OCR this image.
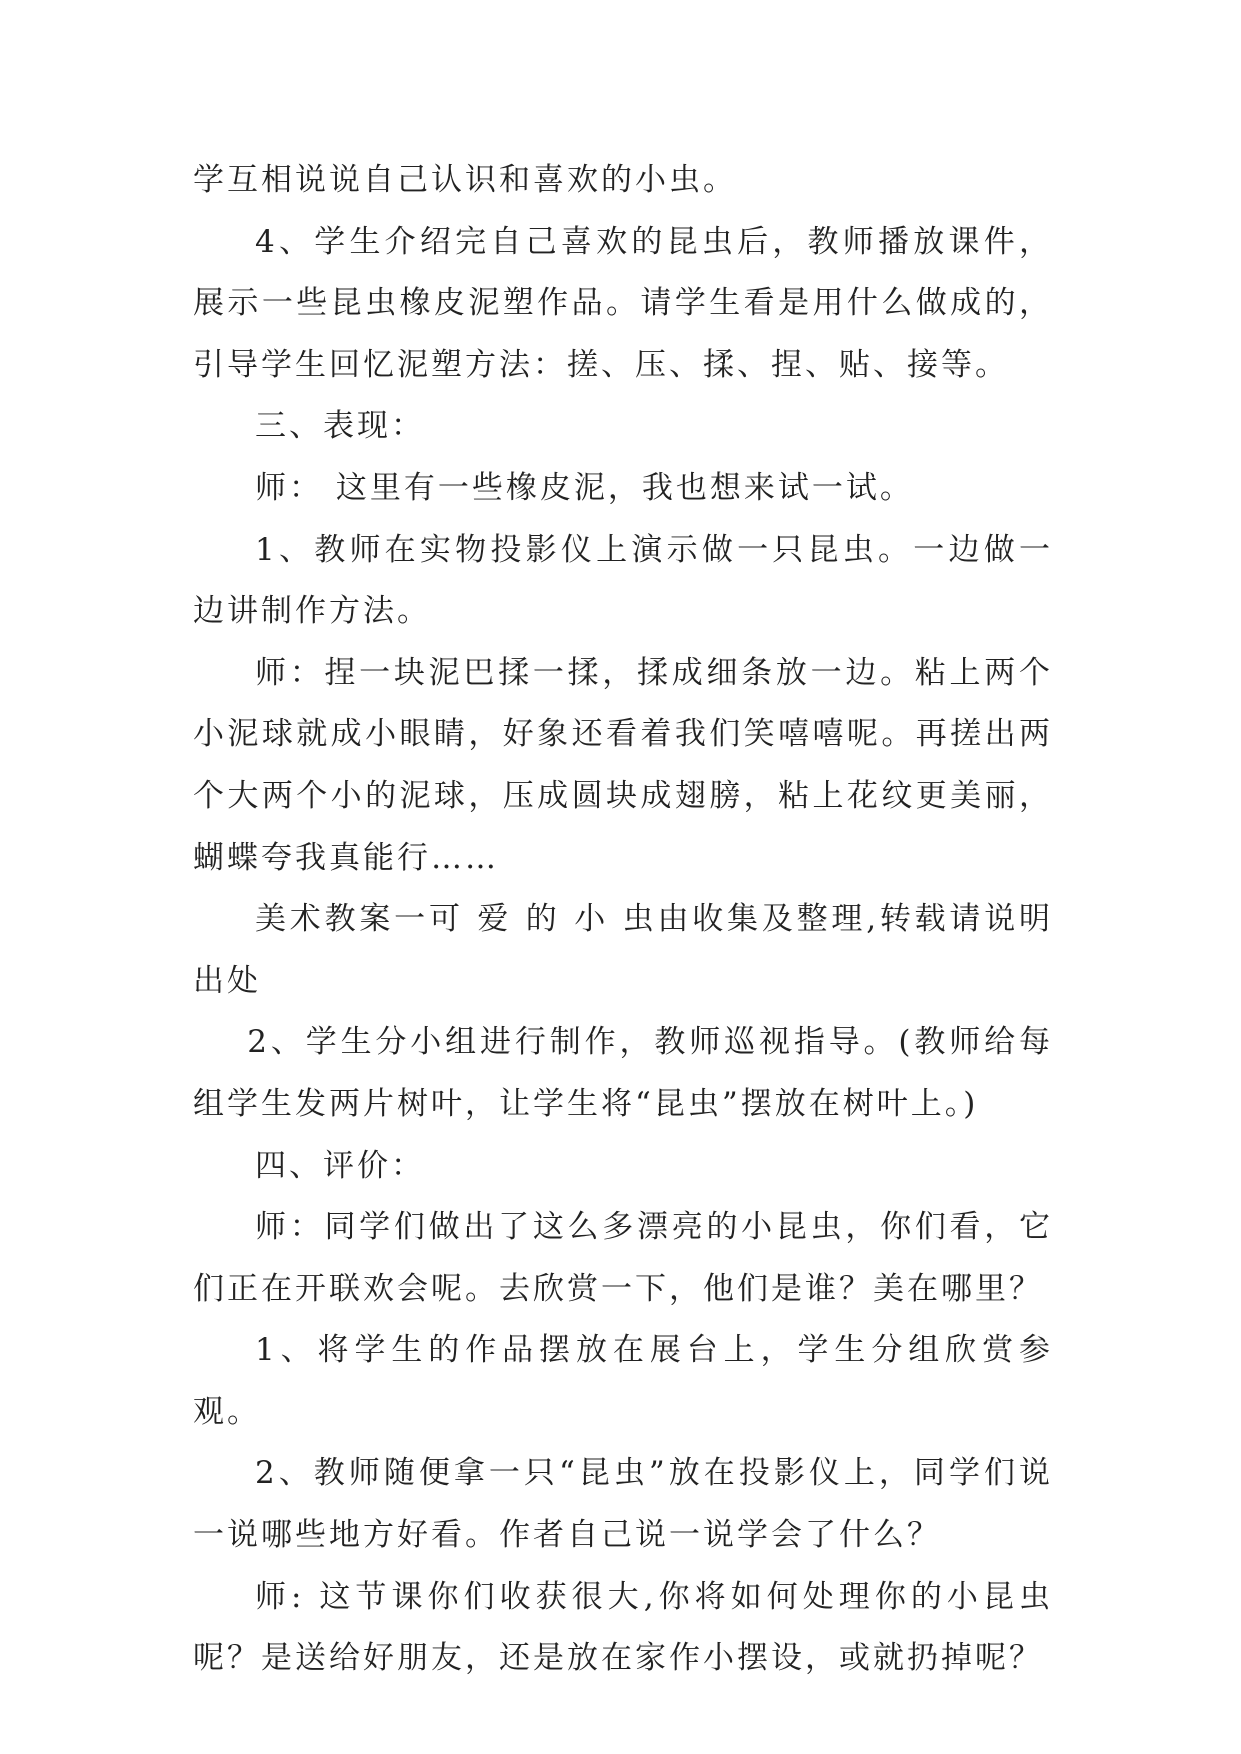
学互相说说自己认识和喜欢的小虫。

4、学生介绍完自己喜欢的昆虫后，教师播放课件，展示一些昆虫橡皮泥塑作品。请学生看是用什么做成的，引导学生回忆泥塑方法：搓、压、揉、捏、贴、接等。

三、表现：

师： 这里有一些橡皮泥，我也想来试一试。

1、教师在实物投影仪上演示做一只昆虫。一边做一边讲制作方法。

师：捏一块泥巴揉一揉，揉成细条放一边。粘上两个小泥球就成小眼睛，好象还看着我们笑嘻嘻呢。再搓出两个大两个小的泥球，压成圆块成翅膀，粘上花纹更美丽，蝴蝶夸我真能行……

美术教案一可 爱 的 小 虫由收集及整理,转载请说明出处

2、学生分小组进行制作，教师巡视指导。(教师给每组学生发两片树叶，让学生将“昆虫”摆放在树叶上。)

四、评价：

师：同学们做出了这么多漂亮的小昆虫，你们看，它们正在开联欢会呢。去欣赏一下，他们是谁？美在哪里？

1、将学生的作品摆放在展台上，学生分组欣赏参观。

2、教师随便拿一只“昆虫”放在投影仪上，同学们说一说哪些地方好看。作者自己说一说学会了什么？

师: 这节课你们收获很大,你将如何处理你的小昆虫呢？是送给好朋友，还是放在家作小摆设，或就扔掉呢？
